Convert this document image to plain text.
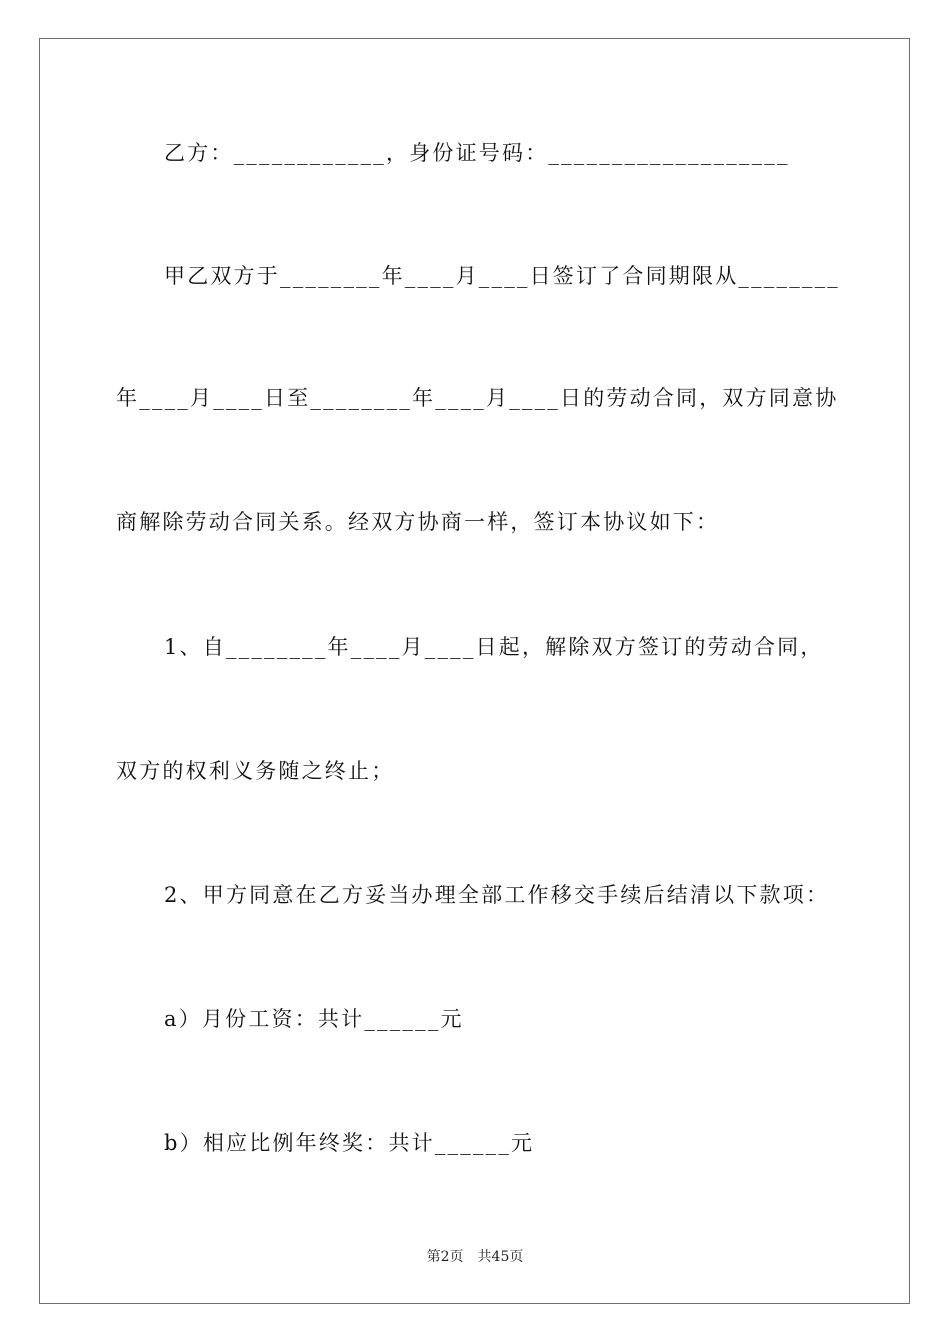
乙方：____________，身份证号码：___________________
甲乙双方于________年____月____日签订了合同期限从________
年____月____日至________年____月____日的劳动合同，双方同意协
商解除劳动合同关系。经双方协商一样，签订本协议如下：
1、自________年____月____日起，解除双方签订的劳动合同，
双方的权利义务随之终止；
2、甲方同意在乙方妥当办理全部工作移交手续后结清以下款项：
a）月份工资：共计______元
b）相应比例年终奖：共计______元
第2页　共45页
